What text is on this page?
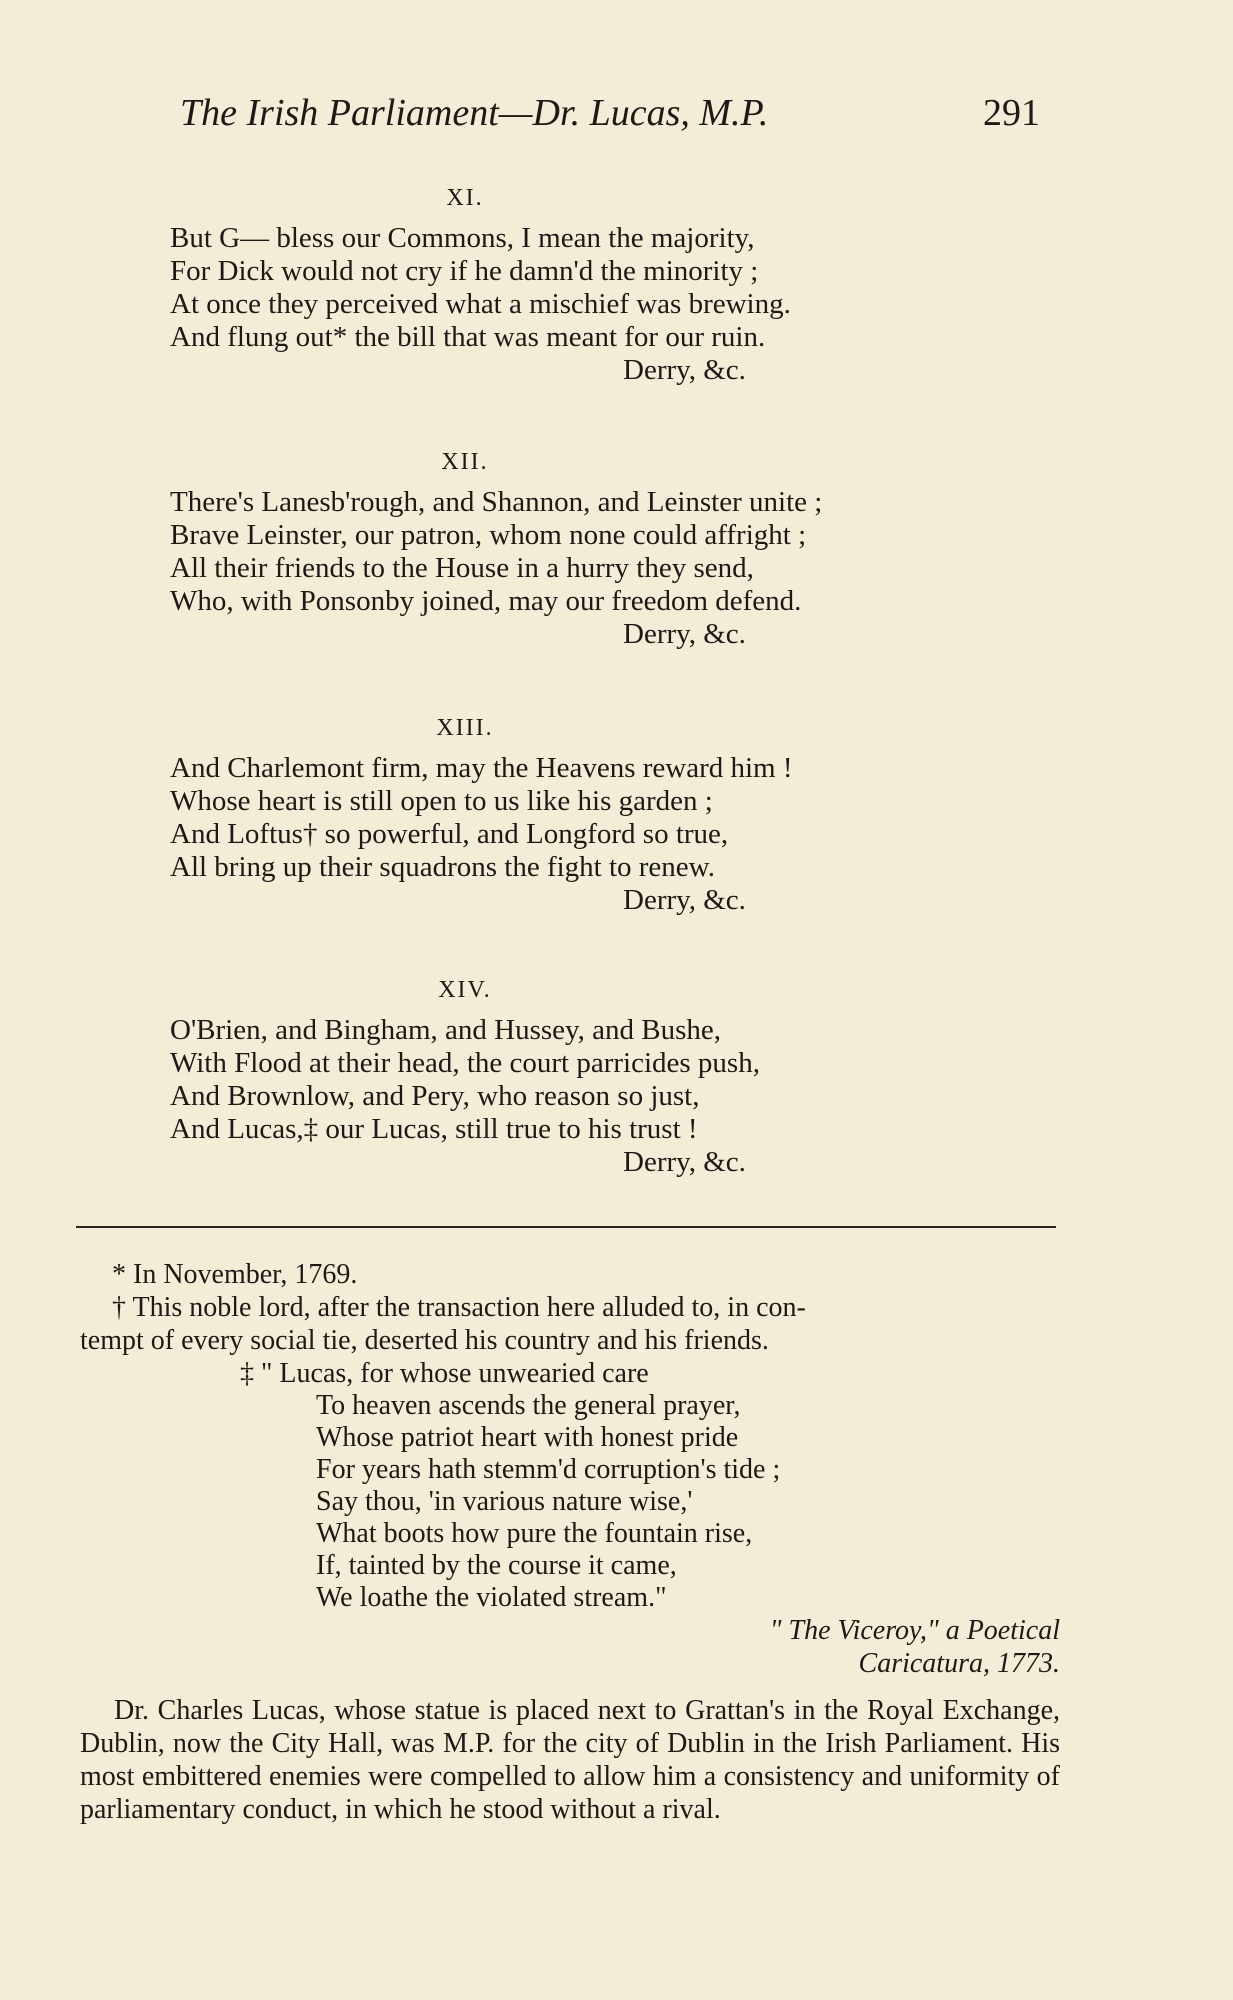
The Irish Parliament—Dr. Lucas, M.P.	291
XI.
But G— bless our Commons, I mean the majority,
For Dick would not cry if he damn'd the minority ;
At once they perceived what a mischief was brewing.
And flung out* the bill that was meant for our ruin.
Derry, &c.
XII.
There's Lanesb'rough, and Shannon, and Leinster unite ;
Brave Leinster, our patron, whom none could affright ;
All their friends to the House in a hurry they send,
Who, with Ponsonby joined, may our freedom defend.
Derry, &c.
XIII.
And Charlemont firm, may the Heavens reward him !
Whose heart is still open to us like his garden ;
And Loftus† so powerful, and Longford so true,
All bring up their squadrons the fight to renew.
Derry, &c.
XIV.
O'Brien, and Bingham, and Hussey, and Bushe,
With Flood at their head, the court parricides push,
And Brownlow, and Pery, who reason so just,
And Lucas,‡ our Lucas, still true to his trust !
Derry, &c.
* In November, 1769.
† This noble lord, after the transaction here alluded to, in con-
tempt of every social tie, deserted his country and his friends.
‡ " Lucas, for whose unwearied care
To heaven ascends the general prayer,
Whose patriot heart with honest pride
For years hath stemm'd corruption's tide ;
Say thou, 'in various nature wise,'
What boots how pure the fountain rise,
If, tainted by the course it came,
We loathe the violated stream."
" The Viceroy," a Poetical
Caricatura, 1773.
Dr. Charles Lucas, whose statue is placed next to Grattan's in the Royal Exchange, Dublin, now the City Hall, was M.P. for the city of Dublin in the Irish Parliament. His most embittered enemies were compelled to allow him a consistency and uniformity of parliamentary conduct, in which he stood without a rival.
